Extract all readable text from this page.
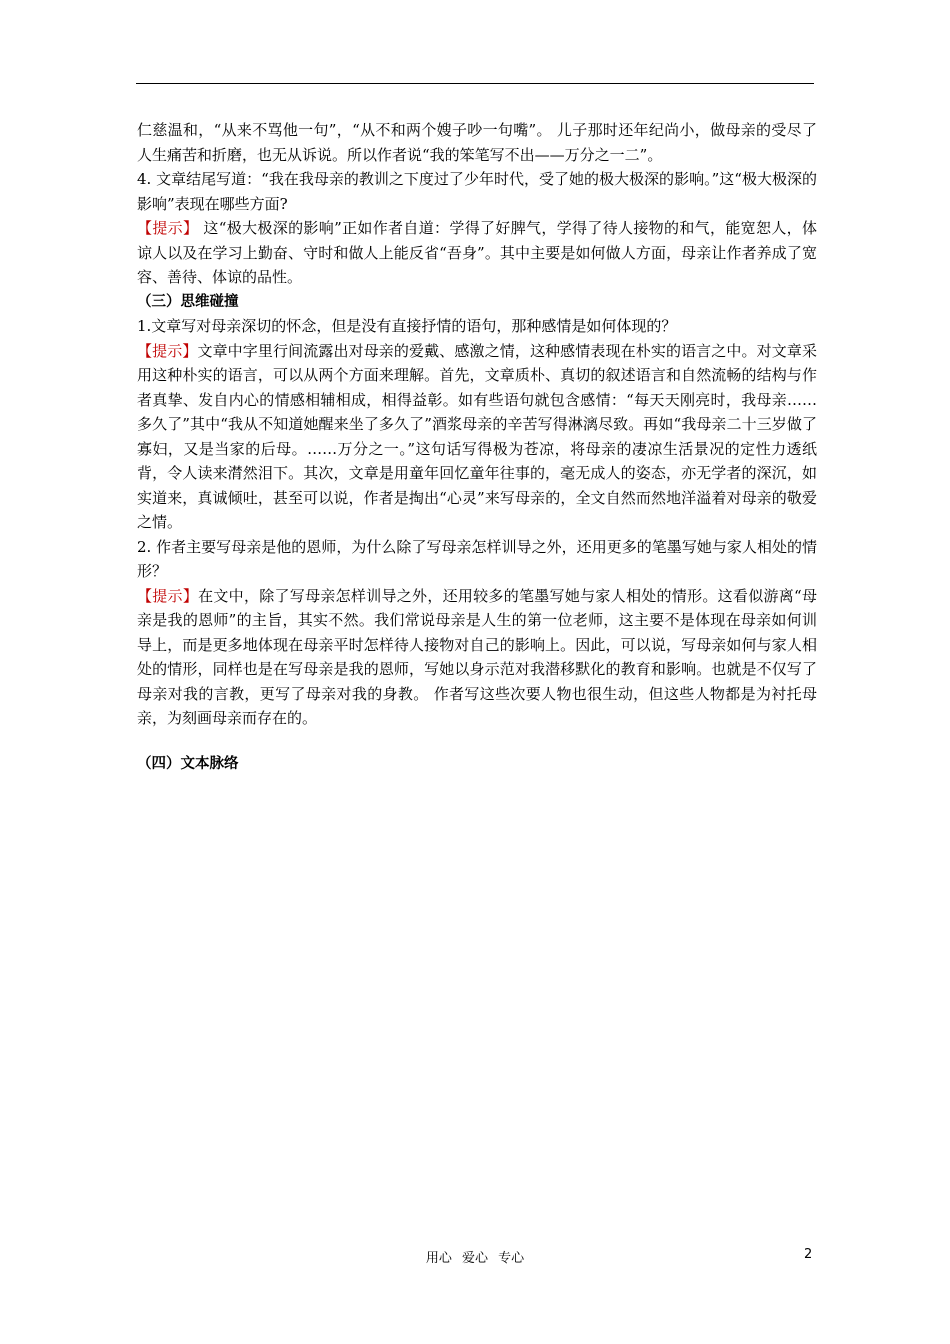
仁慈温和，“从来不骂他一句”，“从不和两个嫂子吵一句嘴”。 儿子那时还年纪尚小，做母亲的受尽了人生痛苦和折磨，也无从诉说。所以作者说“我的笨笔写不出——万分之一二”。

4. 文章结尾写道：“我在我母亲的教训之下度过了少年时代，受了她的极大极深的影响。”这“极大极深的影响”表现在哪些方面?

【提示】 这“极大极深的影响”正如作者自道：学得了好脾气，学得了待人接物的和气，能宽恕人，体谅人以及在学习上勤奋、守时和做人上能反省“吾身”。其中主要是如何做人方面，母亲让作者养成了宽容、善待、体谅的品性。

（三）思维碰撞

1.文章写对母亲深切的怀念，但是没有直接抒情的语句，那种感情是如何体现的？

【提示】文章中字里行间流露出对母亲的爱戴、感激之情，这种感情表现在朴实的语言之中。对文章采用这种朴实的语言，可以从两个方面来理解。首先，文章质朴、真切的叙述语言和自然流畅的结构与作者真挚、发自内心的情感相辅相成，相得益彰。如有些语句就包含感情：“每天天刚亮时，我母亲……多久了”其中“我从不知道她醒来坐了多久了”酒浆母亲的辛苦写得淋漓尽致。再如“我母亲二十三岁做了寡妇，又是当家的后母。……万分之一。”这句话写得极为苍凉，将母亲的凄凉生活景况的定性力透纸背，令人读来潸然泪下。其次，文章是用童年回忆童年往事的，毫无成人的姿态，亦无学者的深沉，如实道来，真诚倾吐，甚至可以说，作者是掏出“心灵”来写母亲的，全文自然而然地洋溢着对母亲的敬爱之情。

2. 作者主要写母亲是他的恩师，为什么除了写母亲怎样训导之外，还用更多的笔墨写她与家人相处的情形？

【提示】在文中，除了写母亲怎样训导之外，还用较多的笔墨写她与家人相处的情形。这看似游离“母亲是我的恩师”的主旨，其实不然。我们常说母亲是人生的第一位老师，这主要不是体现在母亲如何训导上，而是更多地体现在母亲平时怎样待人接物对自己的影响上。因此，可以说，写母亲如何与家人相处的情形，同样也是在写母亲是我的恩师，写她以身示范对我潜移默化的教育和影响。也就是不仅写了母亲对我的言教，更写了母亲对我的身教。 作者写这些次要人物也很生动，但这些人物都是为衬托母亲，为刻画母亲而存在的。

（四）文本脉络

用心 爱心 专心	2
